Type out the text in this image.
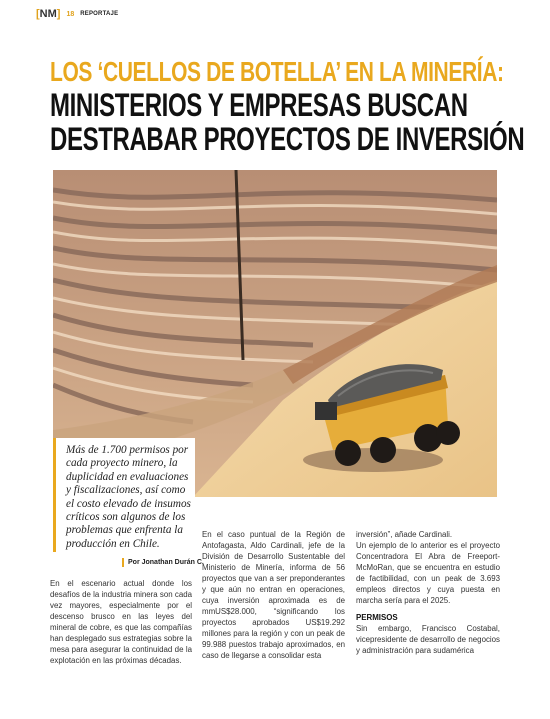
[NM] 18 REPORTAJE
LOS ‘CUELLOS DE BOTELLA’ EN LA MINERÍA:
MINISTERIOS Y EMPRESAS BUSCAN
DESTRABAR PROYECTOS DE INVERSIÓN
Más de 1.700 permisos por cada proyecto minero, la duplicidad en evaluaciones y fiscalizaciones, así como el costo elevado de insumos críticos son algunos de los problemas que enfrenta la producción en Chile.
Por Jonathan Durán C.

En el escenario actual donde los desafíos de la industria minera son cada vez mayores, especialmente por el descenso brusco en las leyes del mineral de cobre, es que las compañías han desplegado sus estrategias sobre la mesa para asegurar la continuidad de la explotación en las próximas décadas.

En el caso puntual de la Región de Antofagasta, Aldo Cardinali, jefe de la División de Desarrollo Sustentable del Ministerio de Minería, informa de 56 proyectos que van a ser preponderantes y que aún no entran en operaciones, cuya inversión aproximada es de mmUS$28.000, “significando los proyectos aprobados US$19.292 millones para la región y con un peak de 99.988 puestos trabajo aproximados, en caso de llegarse a consolidar esta

inversión”, añade Cardinali.

Un ejemplo de lo anterior es el proyecto Concentradora El Abra de Freeport-McMoRan, que se encuentra en estudio de factibilidad, con un peak de 3.693 empleos directos y cuya puesta en marcha sería para el 2025.

PERMISOS

Sin embargo, Francisco Costabal, vicepresidente de desarrollo de negocios y administración para sudamérica
